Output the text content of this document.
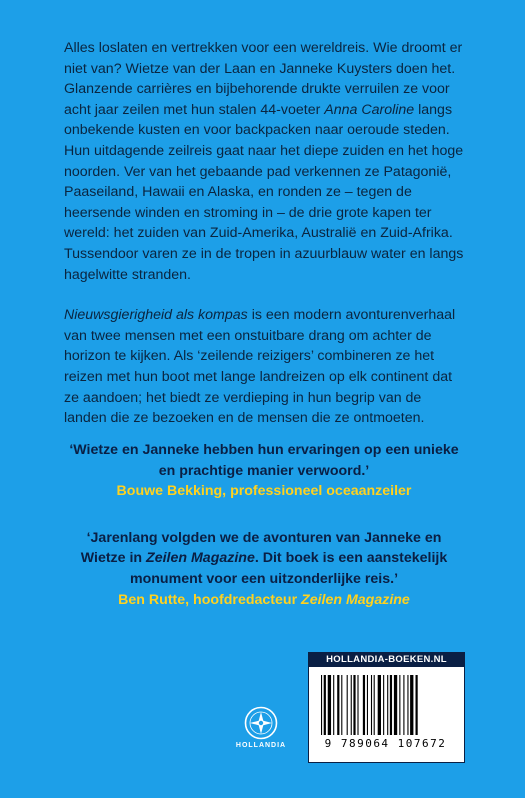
Alles loslaten en vertrekken voor een wereldreis. Wie droomt er niet van? Wietze van der Laan en Janneke Kuysters doen het. Glanzende carrières en bijbehorende drukte verruilen ze voor acht jaar zeilen met hun stalen 44-voeter Anna Caroline langs onbekende kusten en voor backpacken naar oeroude steden. Hun uitdagende zeilreis gaat naar het diepe zuiden en het hoge noorden. Ver van het gebaande pad verkennen ze Patagonië, Paaseiland, Hawaii en Alaska, en ronden ze – tegen de heersende winden en stroming in – de drie grote kapen ter wereld: het zuiden van Zuid-Amerika, Australië en Zuid-Afrika. Tussendoor varen ze in de tropen in azuurblauw water en langs hagelwitte stranden.

Nieuwsgierigheid als kompas is een modern avonturenverhaal van twee mensen met een onstuitbare drang om achter de horizon te kijken. Als ‘zeilende reizigers’ combineren ze het reizen met hun boot met lange landreizen op elk continent dat ze aandoen; het biedt ze verdieping in hun begrip van de landen die ze bezoeken en de mensen die ze ontmoeten.

‘Wietze en Janneke hebben hun ervaringen op een unieke en prachtige manier verwoord.’
Bouwe Bekking, professioneel oceaanzeiler
‘Jarenlang volgden we de avonturen van Janneke en Wietze in Zeilen Magazine. Dit boek is een aanstekelijk monument voor een uitzonderlijke reis.’
Ben Rutte, hoofdredacteur Zeilen Magazine
HOLLANDIA
HOLLANDIA-BOEKEN.NL
9 789064 107672
